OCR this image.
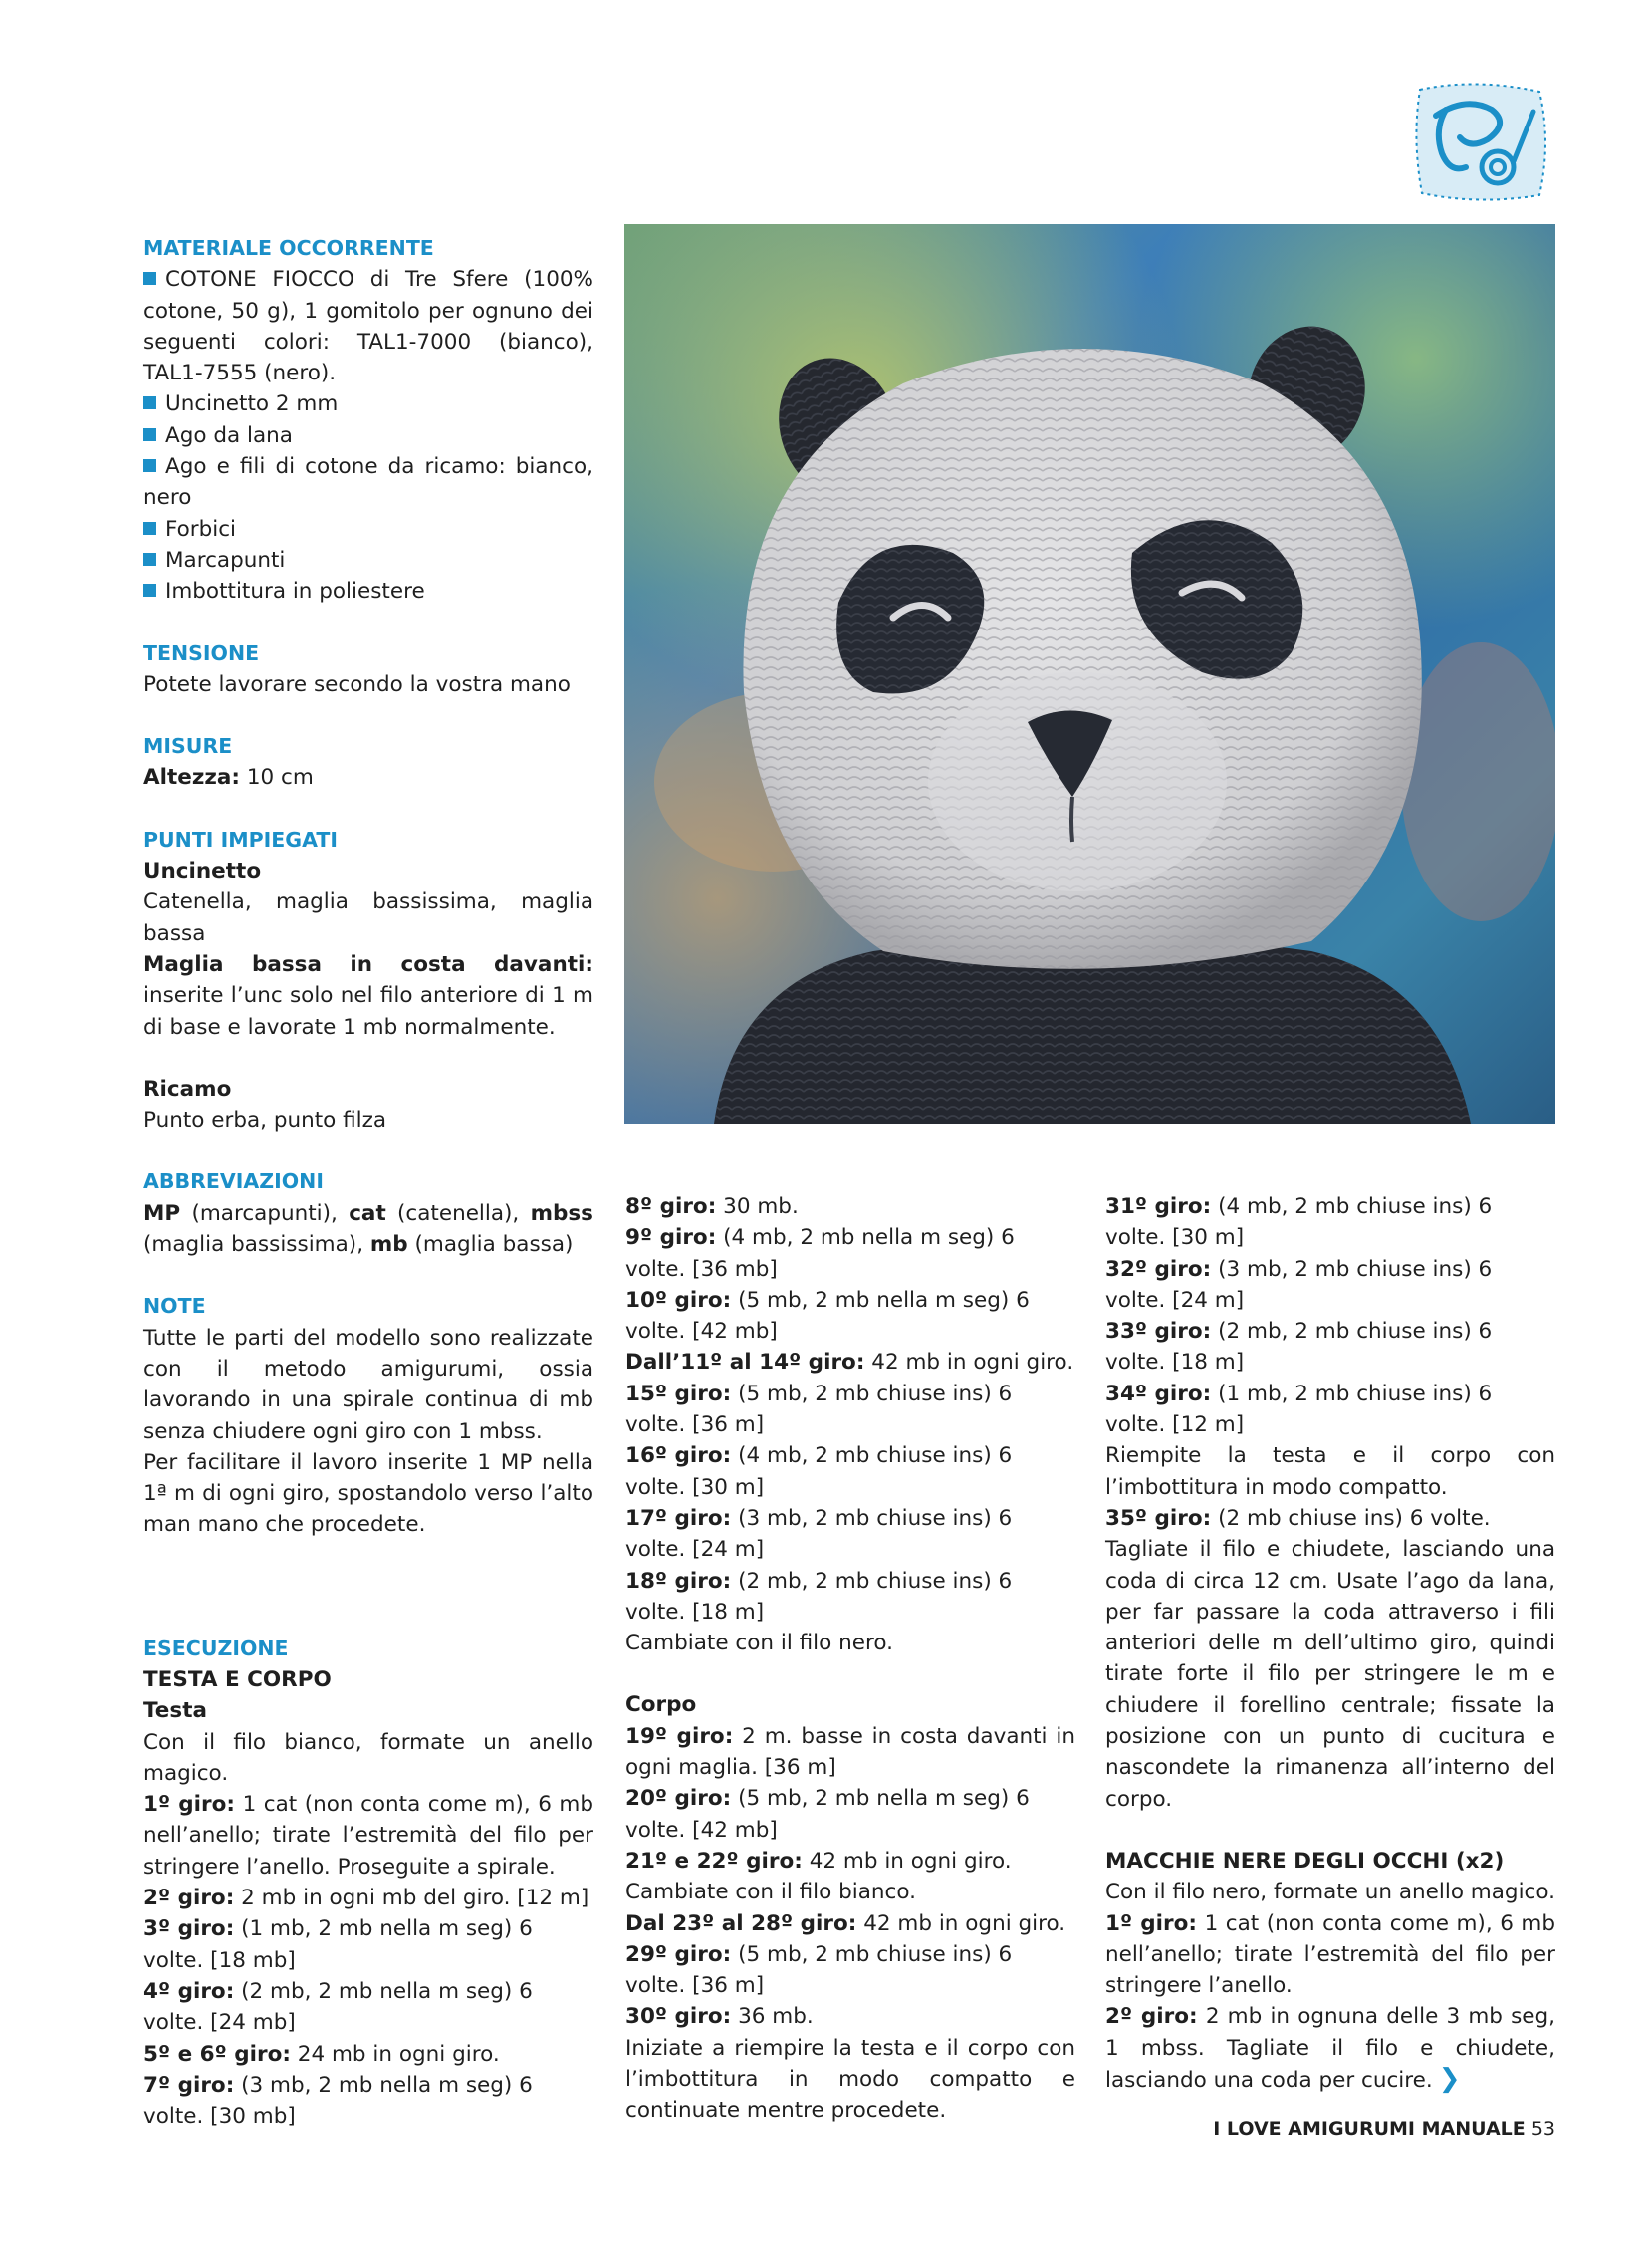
MATERIALE OCCORRENTE

COTONE FIOCCO di Tre Sfere (100% cotone, 50 g), 1 gomitolo per ognuno dei seguenti colori: TAL1-7000 (bianco), TAL1-7555 (nero).

Uncinetto 2 mm

Ago da lana

Ago e fili di cotone da ricamo: bianco, nero

Forbici

Marcapunti

Imbottitura in poliestere

TENSIONE

Potete lavorare secondo la vostra mano

MISURE

Altezza: 10 cm

PUNTI IMPIEGATI

Uncinetto

Catenella, maglia bassissima, maglia bassa

Maglia bassa in costa davanti: inserite l’unc solo nel filo anteriore di 1 m di base e lavorate 1 mb normalmente.

Ricamo

Punto erba, punto filza

ABBREVIAZIONI

MP (marcapunti), cat (catenella), mbss (maglia bassissima), mb (maglia bassa)

NOTE

Tutte le parti del modello sono realizzate con il metodo amigurumi, ossia lavorando in una spirale continua di mb senza chiudere ogni giro con 1 mbss.

Per facilitare il lavoro inserite 1 MP nella 1ª m di ogni giro, spostandolo verso l’alto man mano che procedete.

ESECUZIONE

TESTA E CORPO

Testa

Con il filo bianco, formate un anello magico.

1º giro: 1 cat (non conta come m), 6 mb nell’anello; tirate l’estremità del filo per stringere l’anello. Proseguite a spirale.

2º giro: 2 mb in ogni mb del giro. [12 m]

3º giro: (1 mb, 2 mb nella m seg) 6 volte. [18 mb]

4º giro: (2 mb, 2 mb nella m seg) 6 volte. [24 mb]

5º e 6º giro: 24 mb in ogni giro.

7º giro: (3 mb, 2 mb nella m seg) 6 volte. [30 mb]

8º giro: 30 mb.

9º giro: (4 mb, 2 mb nella m seg) 6 volte. [36 mb]

10º giro: (5 mb, 2 mb nella m seg) 6 volte. [42 mb]

Dall’11º al 14º giro: 42 mb in ogni giro.

15º giro: (5 mb, 2 mb chiuse ins) 6 volte. [36 m]

16º giro: (4 mb, 2 mb chiuse ins) 6 volte. [30 m]

17º giro: (3 mb, 2 mb chiuse ins) 6 volte. [24 m]

18º giro: (2 mb, 2 mb chiuse ins) 6 volte. [18 m]

Cambiate con il filo nero.

Corpo

19º giro: 2 m. basse in costa davanti in ogni maglia. [36 m]

20º giro: (5 mb, 2 mb nella m seg) 6 volte. [42 mb]

21º e 22º giro: 42 mb in ogni giro.

Cambiate con il filo bianco.

Dal 23º al 28º giro: 42 mb in ogni giro.

29º giro: (5 mb, 2 mb chiuse ins) 6 volte. [36 m]

30º giro: 36 mb.

Iniziate a riempire la testa e il corpo con l’imbottitura in modo compatto e continuate mentre procedete.

31º giro: (4 mb, 2 mb chiuse ins) 6 volte. [30 m]

32º giro: (3 mb, 2 mb chiuse ins) 6 volte. [24 m]

33º giro: (2 mb, 2 mb chiuse ins) 6 volte. [18 m]

34º giro: (1 mb, 2 mb chiuse ins) 6 volte. [12 m]

Riempite la testa e il corpo con l’imbottitura in modo compatto.

35º giro: (2 mb chiuse ins) 6 volte.

Tagliate il filo e chiudete, lasciando una coda di circa 12 cm. Usate l’ago da lana, per far passare la coda attraverso i fili anteriori delle m dell’ultimo giro, quindi tirate forte il filo per stringere le m e chiudere il forellino centrale; fissate la posizione con un punto di cucitura e nascondete la rimanenza all’interno del corpo.

MACCHIE NERE DEGLI OCCHI (x2)

Con il filo nero, formate un anello magico.

1º giro: 1 cat (non conta come m), 6 mb nell’anello; tirate l’estremità del filo per stringere l’anello.

2º giro: 2 mb in ognuna delle 3 mb seg, 1 mbss. Tagliate il filo e chiudete, lasciando una coda per cucire. ❯

I LOVE AMIGURUMI MANUALE 53
